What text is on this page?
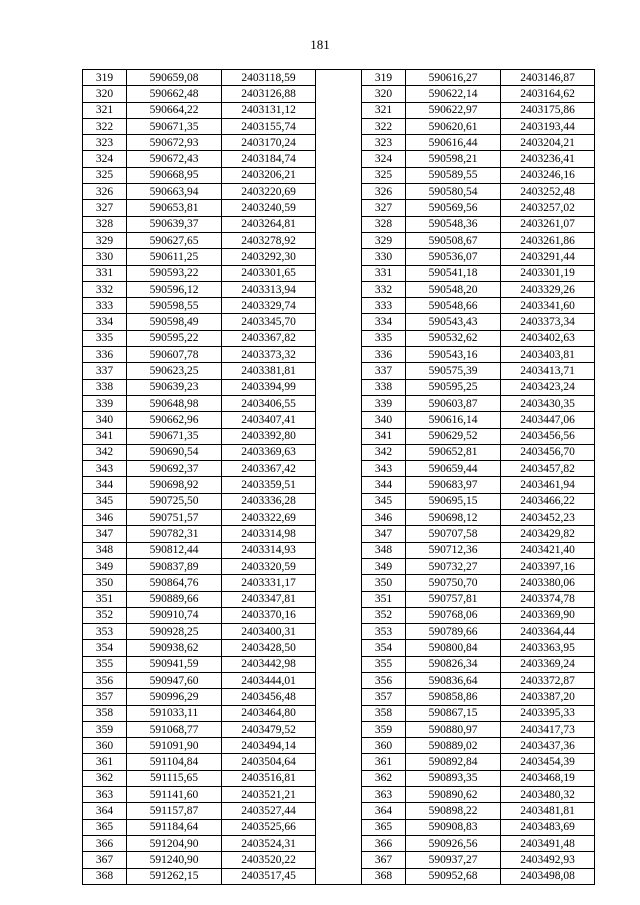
181
319	590659,08	2403118,59		319	590616,27	2403146,87
320	590662,48	2403126,88		320	590622,14	2403164,62
321	590664,22	2403131,12		321	590622,97	2403175,86
322	590671,35	2403155,74		322	590620,61	2403193,44
323	590672,93	2403170,24		323	590616,44	2403204,21
324	590672,43	2403184,74		324	590598,21	2403236,41
325	590668,95	2403206,21		325	590589,55	2403246,16
326	590663,94	2403220,69		326	590580,54	2403252,48
327	590653,81	2403240,59		327	590569,56	2403257,02
328	590639,37	2403264,81		328	590548,36	2403261,07
329	590627,65	2403278,92		329	590508,67	2403261,86
330	590611,25	2403292,30		330	590536,07	2403291,44
331	590593,22	2403301,65		331	590541,18	2403301,19
332	590596,12	2403313,94		332	590548,20	2403329,26
333	590598,55	2403329,74		333	590548,66	2403341,60
334	590598,49	2403345,70		334	590543,43	2403373,34
335	590595,22	2403367,82		335	590532,62	2403402,63
336	590607,78	2403373,32		336	590543,16	2403403,81
337	590623,25	2403381,81		337	590575,39	2403413,71
338	590639,23	2403394,99		338	590595,25	2403423,24
339	590648,98	2403406,55		339	590603,87	2403430,35
340	590662,96	2403407,41		340	590616,14	2403447,06
341	590671,35	2403392,80		341	590629,52	2403456,56
342	590690,54	2403369,63		342	590652,81	2403456,70
343	590692,37	2403367,42		343	590659,44	2403457,82
344	590698,92	2403359,51		344	590683,97	2403461,94
345	590725,50	2403336,28		345	590695,15	2403466,22
346	590751,57	2403322,69		346	590698,12	2403452,23
347	590782,31	2403314,98		347	590707,58	2403429,82
348	590812,44	2403314,93		348	590712,36	2403421,40
349	590837,89	2403320,59		349	590732,27	2403397,16
350	590864,76	2403331,17		350	590750,70	2403380,06
351	590889,66	2403347,81		351	590757,81	2403374,78
352	590910,74	2403370,16		352	590768,06	2403369,90
353	590928,25	2403400,31		353	590789,66	2403364,44
354	590938,62	2403428,50		354	590800,84	2403363,95
355	590941,59	2403442,98		355	590826,34	2403369,24
356	590947,60	2403444,01		356	590836,64	2403372,87
357	590996,29	2403456,48		357	590858,86	2403387,20
358	591033,11	2403464,80		358	590867,15	2403395,33
359	591068,77	2403479,52		359	590880,97	2403417,73
360	591091,90	2403494,14		360	590889,02	2403437,36
361	591104,84	2403504,64		361	590892,84	2403454,39
362	591115,65	2403516,81		362	590893,35	2403468,19
363	591141,60	2403521,21		363	590890,62	2403480,32
364	591157,87	2403527,44		364	590898,22	2403481,81
365	591184,64	2403525,66		365	590908,83	2403483,69
366	591204,90	2403524,31		366	590926,56	2403491,48
367	591240,90	2403520,22		367	590937,27	2403492,93
368	591262,15	2403517,45		368	590952,68	2403498,08
